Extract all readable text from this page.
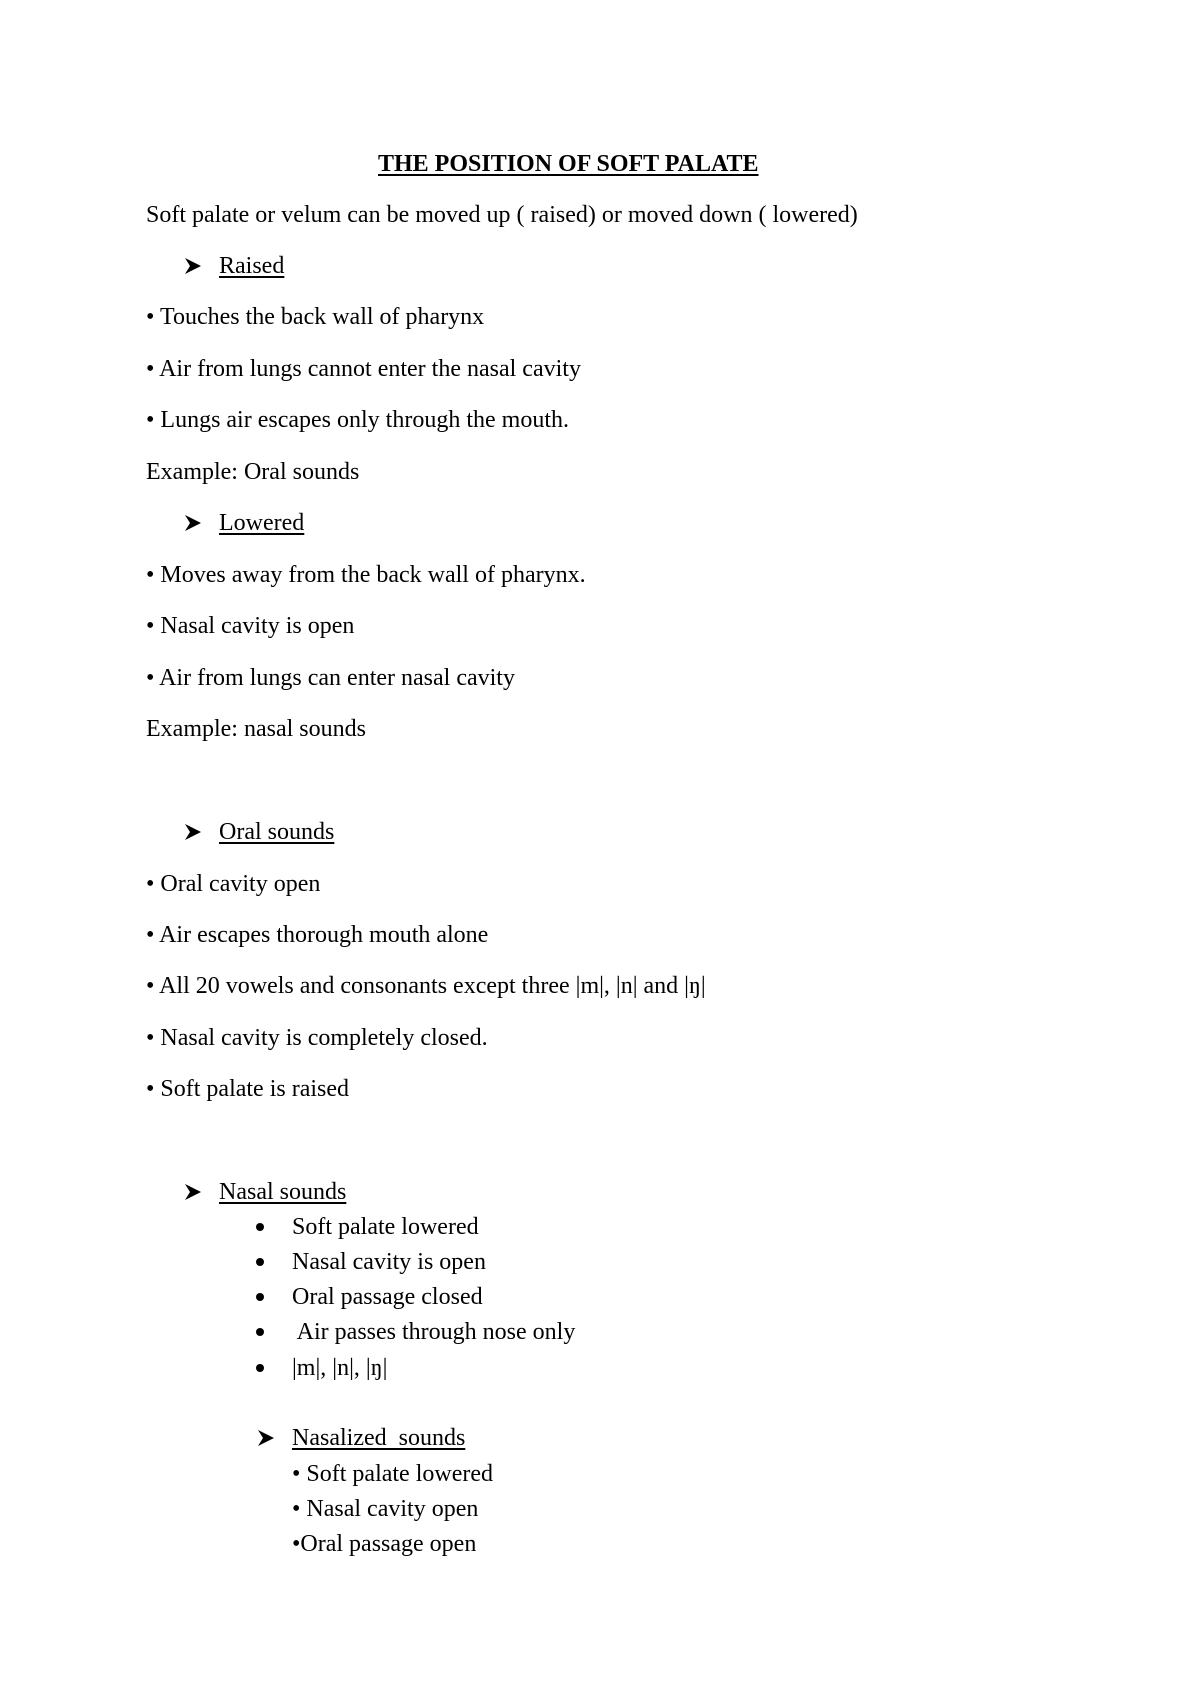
THE POSITION OF SOFT PALATE
Soft palate or velum can be moved up ( raised) or moved down ( lowered)
Raised
• Touches the back wall of pharynx
• Air from lungs cannot enter the nasal cavity
• Lungs air escapes only through the mouth.
Example: Oral sounds
Lowered
• Moves away from the back wall of pharynx.
• Nasal cavity is open
• Air from lungs can enter nasal cavity
Example: nasal sounds
Oral sounds
• Oral cavity open
• Air escapes thorough mouth alone
• All 20 vowels and consonants except three |m|, |n| and |ŋ|
• Nasal cavity is completely closed.
• Soft palate is raised
Nasal sounds
Soft palate lowered
Nasal cavity is open
Oral passage closed
Air passes through nose only
|m|, |n|, |ŋ|
Nasalized  sounds
• Soft palate lowered
• Nasal cavity open
•Oral passage open
